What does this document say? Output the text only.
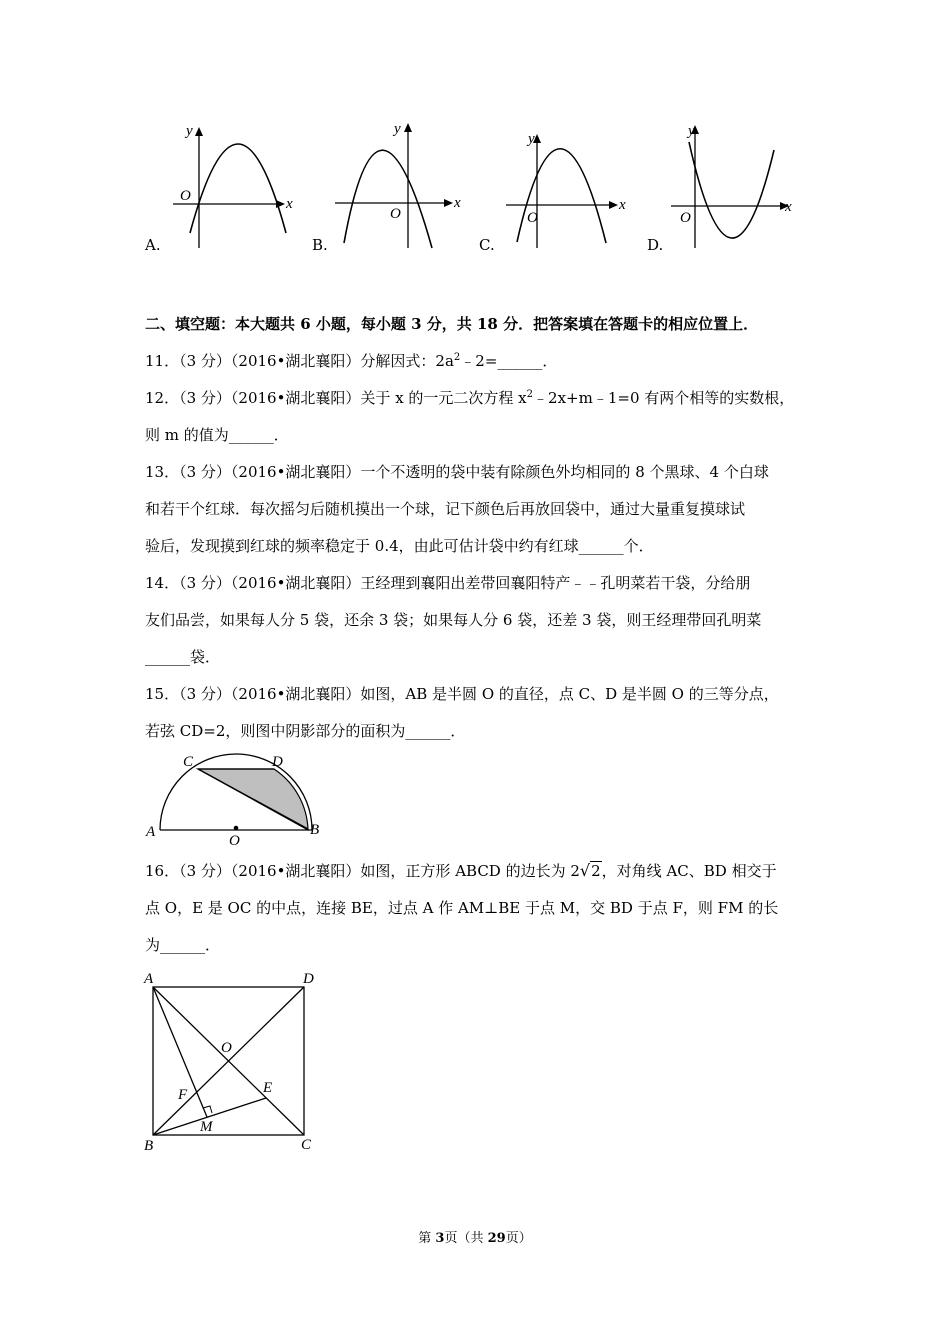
y
x
O
y
x
O
y
x
O
y
x
O
A.	B.	C.	D.
二、填空题：本大题共 6 小题，每小题 3 分，共 18 分．把答案填在答题卡的相应位置上．
11．（3 分）（2016•湖北襄阳）分解因式：$2a^2﹣2=\_\_\_\_\_\_$．
12．（3 分）（2016•湖北襄阳）关于 x 的一元二次方程 $x^2﹣2x+m﹣1=0$ 有两个相等的实数根，
则 m 的值为______．
13．（3 分）（2016•湖北襄阳）一个不透明的袋中装有除颜色外均相同的 8 个黑球、4 个白球
和若干个红球．每次摇匀后随机摸出一个球，记下颜色后再放回袋中，通过大量重复摸球试
验后，发现摸到红球的频率稳定于 0.4，由此可估计袋中约有红球______个．
14．（3 分）（2016•湖北襄阳）王经理到襄阳出差带回襄阳特产﹣﹣孔明菜若干袋，分给朋
友们品尝，如果每人分 5 袋，还余 3 袋；如果每人分 6 袋，还差 3 袋，则王经理带回孔明菜
______袋．
15．（3 分）（2016•湖北襄阳）如图，AB 是半圆 O 的直径，点 C、D 是半圆 O 的三等分点，
若弦 CD=2，则图中阴影部分的面积为______．
A	B
C	D
O
16．（3 分）（2016•湖北襄阳）如图，正方形 ABCD 的边长为 2√2，对角线 AC、BD 相交于
点 O，E 是 OC 的中点，连接 BE，过点 A 作 AM⊥BE 于点 M，交 BD 于点 F，则 FM 的长
为______．
A	D
C
B
O
E
F
M
第 3页（共 29页）
